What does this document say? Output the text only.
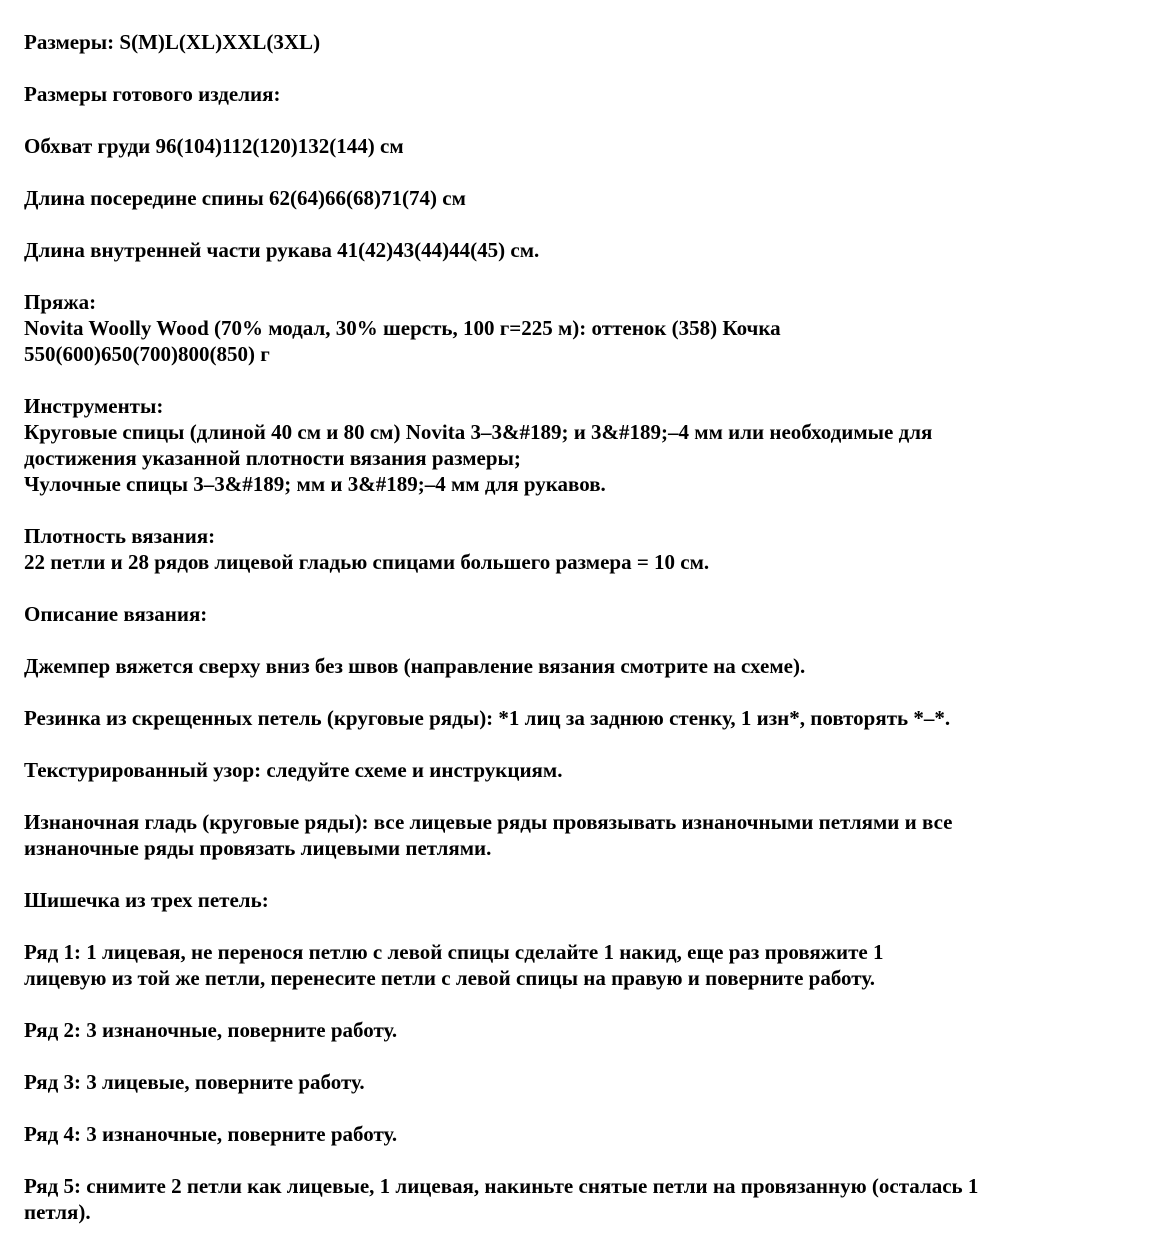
Размеры: S(M)L(XL)XXL(3XL)
Размеры готового изделия:
Обхват груди 96(104)112(120)132(144) см
Длина посередине спины 62(64)66(68)71(74) см
Длина внутренней части рукава 41(42)43(44)44(45) см.
Пряжа:
Novita Woolly Wood (70% модал, 30% шерсть, 100 г=225 м): оттенок (358) Кочка
550(600)650(700)800(850) г
Инструменты:
Круговые спицы (длиной 40 см и 80 см) Novita 3–3&#189; и 3&#189;–4 мм или необходимые для
достижения указанной плотности вязания размеры;
Чулочные спицы 3–3&#189; мм и 3&#189;–4 мм для рукавов.
Плотность вязания:
22 петли и 28 рядов лицевой гладью спицами большего размера = 10 см.
Описание вязания:
Джемпер вяжется сверху вниз без швов (направление вязания смотрите на схеме).
Резинка из скрещенных петель (круговые ряды): *1 лиц за заднюю стенку, 1 изн*, повторять *–*.
Текстурированный узор: следуйте схеме и инструкциям.
Изнаночная гладь (круговые ряды): все лицевые ряды провязывать изнаночными петлями и все
изнаночные ряды провязать лицевыми петлями.
Шишечка из трех петель:
Ряд 1: 1 лицевая, не перенося петлю с левой спицы сделайте 1 накид, еще раз провяжите 1
лицевую из той же петли, перенесите петли с левой спицы на правую и поверните работу.
Ряд 2: 3 изнаночные, поверните работу.
Ряд 3: 3 лицевые, поверните работу.
Ряд 4: 3 изнаночные, поверните работу.
Ряд 5: снимите 2 петли как лицевые, 1 лицевая, накиньте снятые петли на провязанную (осталась 1
петля).
